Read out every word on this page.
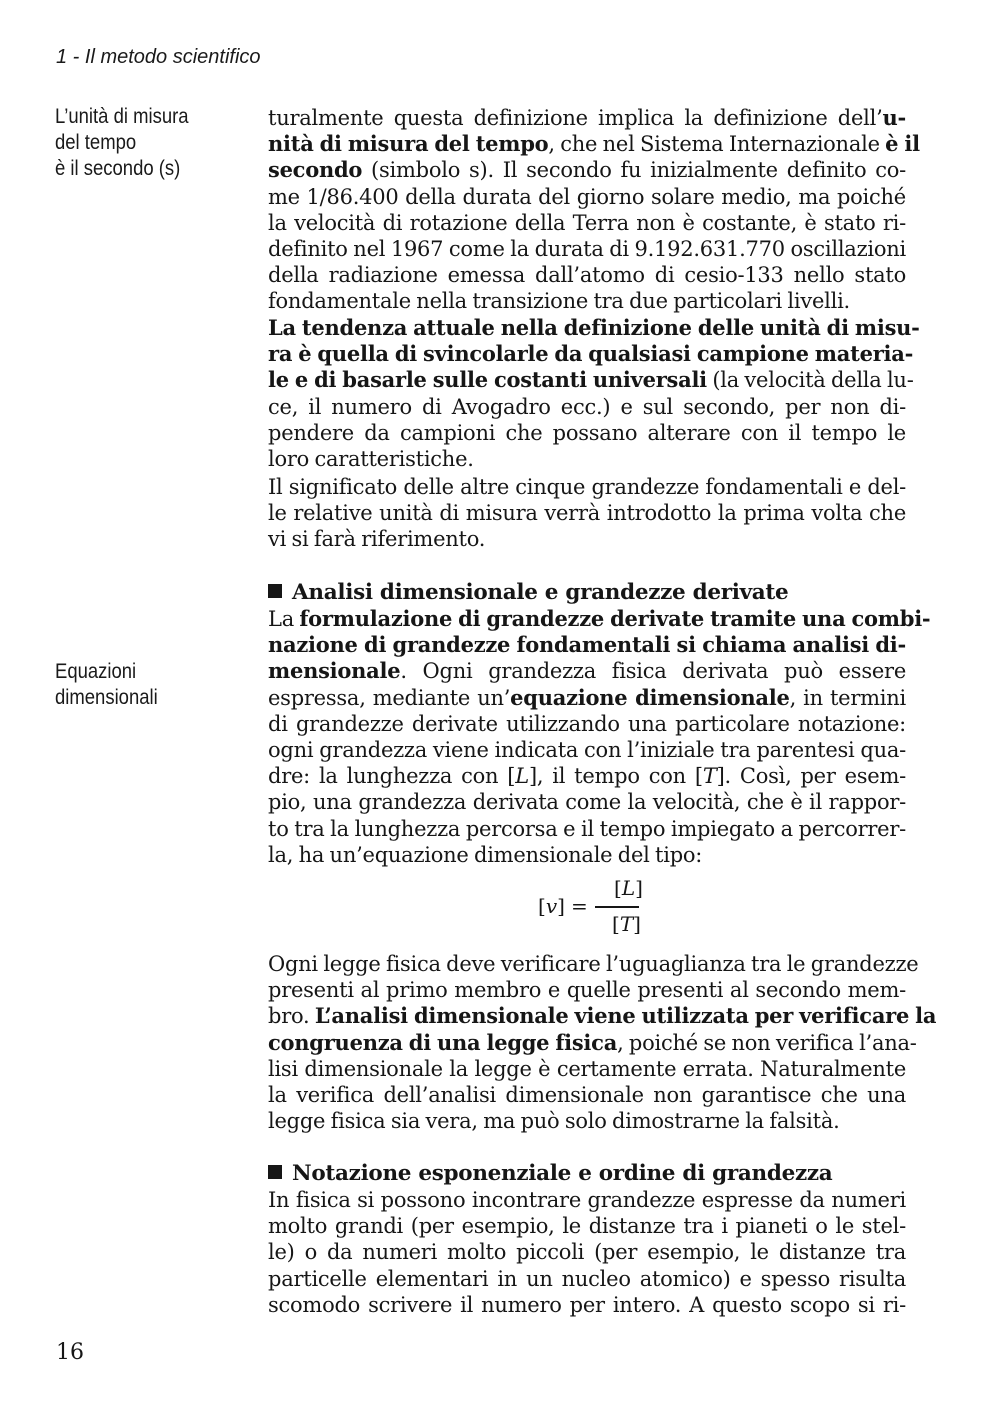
1 - Il metodo scientifico
L’unità di misura
del tempo
è il secondo (s)
Equazioni
dimensionali
turalmente questa definizione implica la definizione dell’u-
nità di misura del tempo, che nel Sistema Internazionale è il
secondo (simbolo s). Il secondo fu inizialmente definito co-
me 1/86.400 della durata del giorno solare medio, ma poiché
la velocità di rotazione della Terra non è costante, è stato ri-
definito nel 1967 come la durata di 9.192.631.770 oscillazioni
della radiazione emessa dall’atomo di cesio-133 nello stato
fondamentale nella transizione tra due particolari livelli.
La tendenza attuale nella definizione delle unità di misu-
ra è quella di svincolarle da qualsiasi campione materia-
le e di basarle sulle costanti universali (la velocità della lu-
ce, il numero di Avogadro ecc.) e sul secondo, per non di-
pendere da campioni che possano alterare con il tempo le
loro caratteristiche.
Il significato delle altre cinque grandezze fondamentali e del-
le relative unità di misura verrà introdotto la prima volta che
vi si farà riferimento.
Analisi dimensionale e grandezze derivate
La formulazione di grandezze derivate tramite una combi-
nazione di grandezze fondamentali si chiama analisi di-
mensionale. Ogni grandezza fisica derivata può essere
espressa, mediante un’equazione dimensionale, in termini
di grandezze derivate utilizzando una particolare notazione:
ogni grandezza viene indicata con l’iniziale tra parentesi qua-
dre: la lunghezza con [L], il tempo con [T]. Così, per esem-
pio, una grandezza derivata come la velocità, che è il rappor-
to tra la lunghezza percorsa e il tempo impiegato a percorrer-
la, ha un’equazione dimensionale del tipo:
[v] =
[L]
[T]
Ogni legge fisica deve verificare l’uguaglianza tra le grandezze
presenti al primo membro e quelle presenti al secondo mem-
bro. L’analisi dimensionale viene utilizzata per verificare la
congruenza di una legge fisica, poiché se non verifica l’ana-
lisi dimensionale la legge è certamente errata. Naturalmente
la verifica dell’analisi dimensionale non garantisce che una
legge fisica sia vera, ma può solo dimostrarne la falsità.
Notazione esponenziale e ordine di grandezza
In fisica si possono incontrare grandezze espresse da numeri
molto grandi (per esempio, le distanze tra i pianeti o le stel-
le) o da numeri molto piccoli (per esempio, le distanze tra
particelle elementari in un nucleo atomico) e spesso risulta
scomodo scrivere il numero per intero. A questo scopo si ri-
16
